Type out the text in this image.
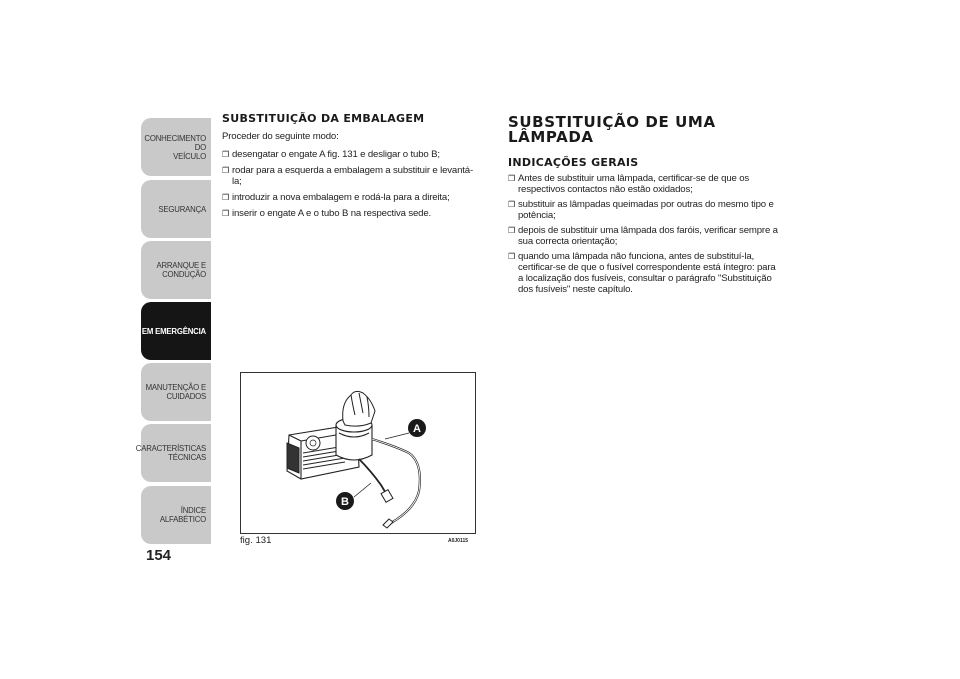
CONHECIMENTO DO
VEÍCULO
SEGURANÇA
ARRANQUE E
CONDUÇÃO
EM EMERGÊNCIA
MANUTENÇÃO E
CUIDADOS
CARACTERÍSTICAS
TÉCNICAS
ÍNDICE ALFABÉTICO
154
SUBSTITUIÇÃO DA EMBALAGEM
Proceder do seguinte modo:
❒ desengatar o engate A fig. 131 e desligar o tubo B;
❒ rodar para a esquerda a embalagem a substituir e levantá-la;
❒ introduzir a nova embalagem e rodá-la para a direita;
❒ inserir o engate A e o tubo B na respectiva sede.
A
B
fig. 131	A0J0115
SUBSTITUIÇÃO DE UMA LÂMPADA
INDICAÇÕES GERAIS
❒ Antes de substituir uma lâmpada, certificar-se de que os respectivos contactos não estão oxidados;
❒ substituir as lâmpadas queimadas por outras do mesmo tipo e potência;
❒ depois de substituir uma lâmpada dos faróis, verificar sempre a sua correcta orientação;
❒ quando uma lâmpada não funciona, antes de substituí-la, certificar-se de que o fusível correspondente está íntegro: para a localização dos fusíveis, consultar o parágrafo "Substituição dos fusíveis" neste capítulo.
